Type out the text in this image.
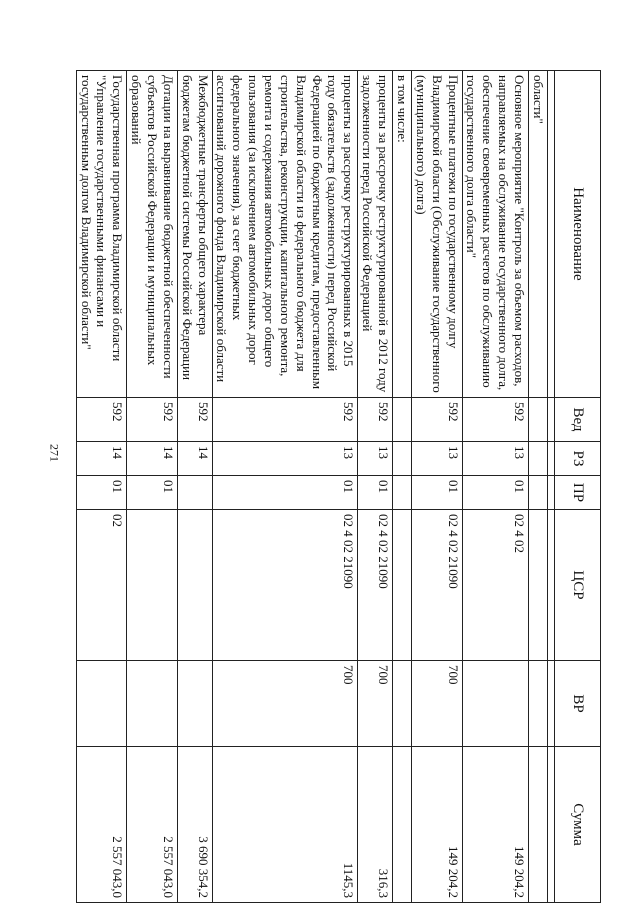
271
Наименование	Вед	РЗ	ПР	ЦСР	ВР	Сумма

области"						
Основное мероприятие "Контроль за объемом расходов, направляемых на обслуживание государственного долга, обеспечение своевременных расчетов по обслуживанию государственного долга области"	592	13	01	02 4 02		149 204,2
Процентные платежи по государственному долгу Владимирской области (Обслуживание государственного (муниципального) долга)	592	13	01	02 4 02 21090	700	149 204,2
в том числе:						
проценты за рассрочку реструктурированной в 2012 году задолженности перед Российской Федерацией	592	13	01	02 4 02 21090	700	316,3
проценты за рассрочку реструктурированных в 2015 году обязательств (задолженности) перед Российской Федерацией по бюджетным кредитам, предоставленным Владимирской области из федерального бюджета для строительства, реконструкции, капитального ремонта, ремонта и содержания автомобильных дорог общего пользования (за исключением автомобильных дорог федерального значения), за счет бюджетных ассигнований дорожного фонда Владимирской области	592	13	01	02 4 02 21090	700	1145,3
Межбюджетные трансферты общего характера бюджетам бюджетной системы Российской Федерации	592	14				3 690 354,2
Дотации на выравнивание бюджетной обеспеченности субъектов Российской Федерации и муниципальных образований	592	14	01			2 557 043,0
Государственная программа Владимирской области "Управление государственными финансами и государственным долгом Владимирской области"	592	14	01	02		2 557 043,0
